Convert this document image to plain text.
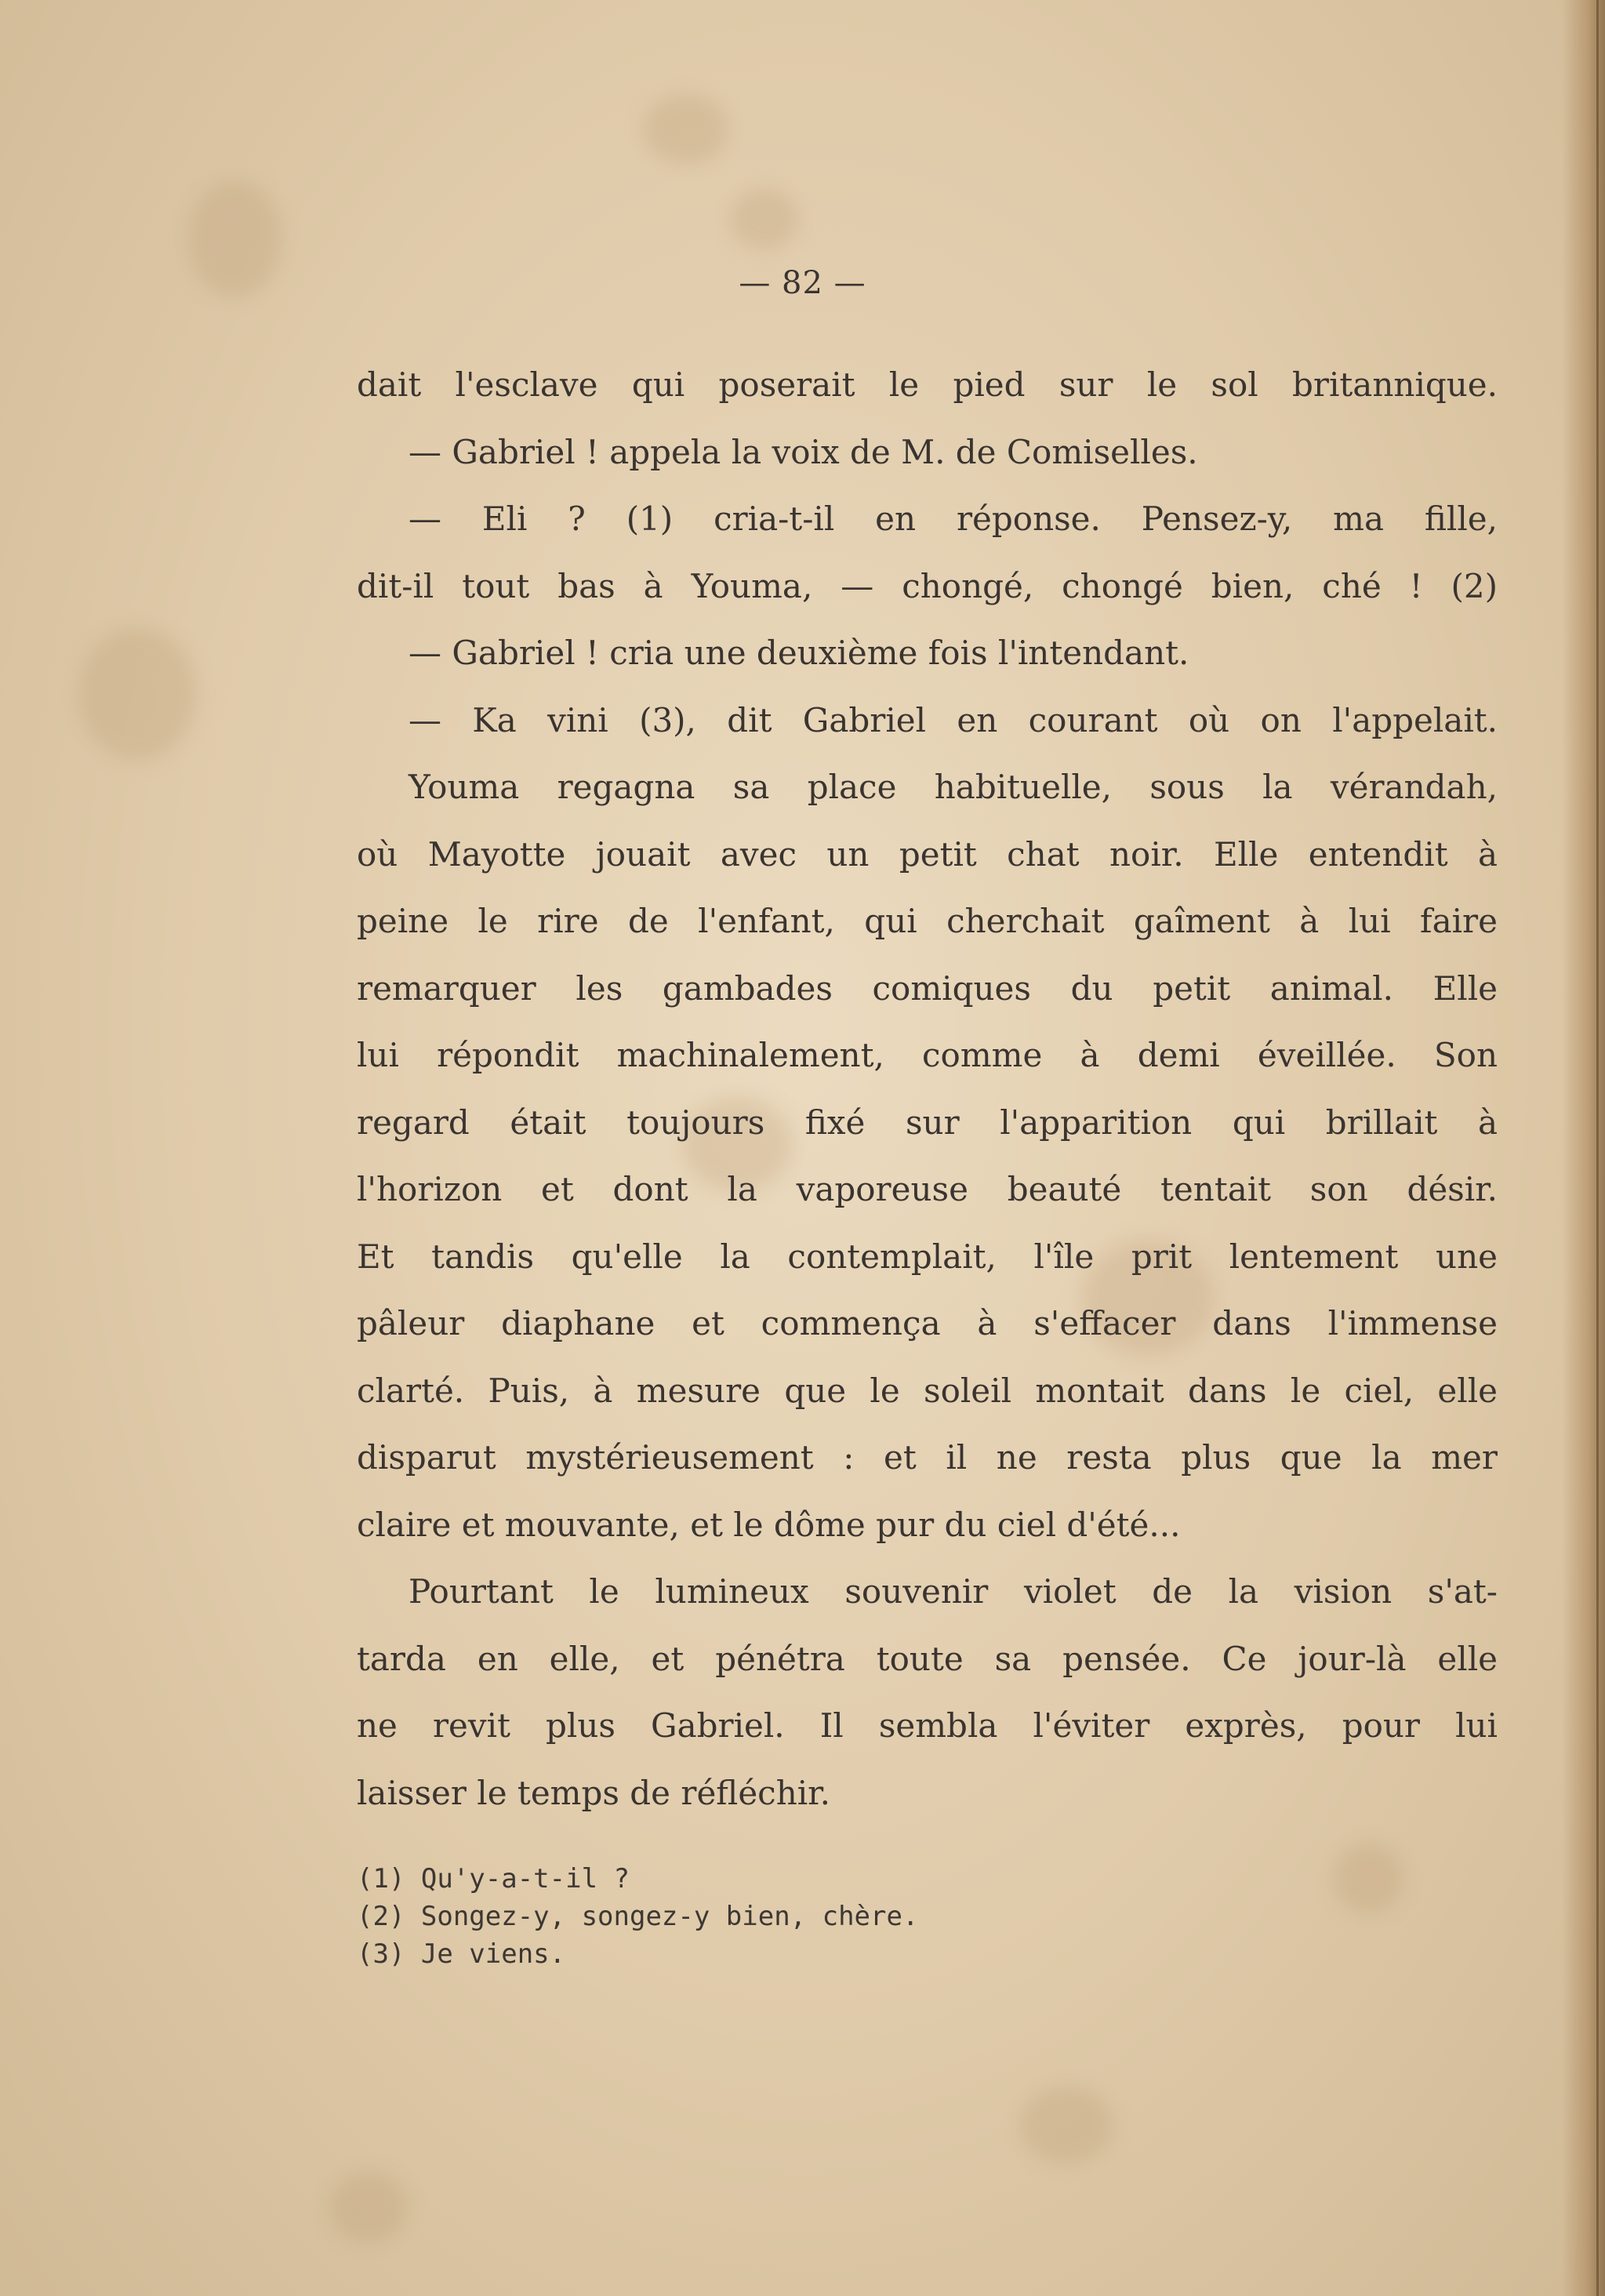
— 82 —
dait l'esclave qui poserait le pied sur le sol britannique.
— Gabriel ! appela la voix de M. de Comiselles.
— Eli ? (1) cria-t-il en réponse. Pensez-y, ma fille,
dit-il tout bas à Youma, — chongé, chongé bien, ché ! (2)
— Gabriel ! cria une deuxième fois l'intendant.
— Ka vini (3), dit Gabriel en courant où on l'appelait.
Youma regagna sa place habituelle, sous la vérandah,
où Mayotte jouait avec un petit chat noir. Elle entendit à
peine le rire de l'enfant, qui cherchait gaîment à lui faire
remarquer les gambades comiques du petit animal. Elle
lui répondit machinalement, comme à demi éveillée. Son
regard était toujours fixé sur l'apparition qui brillait à
l'horizon et dont la vaporeuse beauté tentait son désir.
Et tandis qu'elle la contemplait, l'île prit lentement une
pâleur diaphane et commença à s'effacer dans l'immense
clarté. Puis, à mesure que le soleil montait dans le ciel, elle
disparut mystérieusement : et il ne resta plus que la mer
claire et mouvante, et le dôme pur du ciel d'été...
Pourtant le lumineux souvenir violet de la vision s'at-
tarda en elle, et pénétra toute sa pensée. Ce jour-là elle
ne revit plus Gabriel. Il sembla l'éviter exprès, pour lui
laisser le temps de réfléchir.
(1) Qu'y-a-t-il ?
(2) Songez-y, songez-y bien, chère.
(3) Je viens.
